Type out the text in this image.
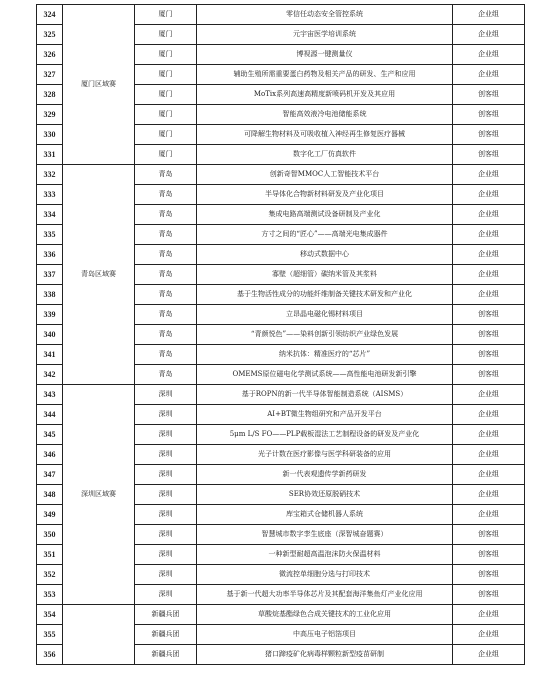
324	厦门区域赛	厦门	零信任动态安全管控系统	企业组
325		厦门	元宇宙医学培训系统	企业组
326		厦门	博视源一键测量仪	企业组
327		厦门	辅助生殖所需重要蛋白药物及相关产品的研发、生产和应用	企业组
328		厦门	MoTix系列高速高精度新喷码机开发及其应用	创客组
329		厦门	智能高效液冷电池储能系统	创客组
330		厦门	可降解生物材料及可吸收植入神经再生修复医疗器械	创客组
331		厦门	数字化工厂仿真软件	创客组
332	青岛区域赛	青岛	创新奇智MMOC人工智能技术平台	企业组
333		青岛	半导体化合物新材料研发及产业化项目	企业组
334		青岛	集成电路高端测试设备研制及产业化	企业组
335		青岛	方寸之间的“匠心”——高端光电集成器件	企业组
336		青岛	移动式数据中心	企业组
337		青岛	寡壁（超细管）碳纳米管及其浆料	企业组
338		青岛	基于生物活性成分的功能纤维制备关键技术研发和产业化	企业组
339		青岛	立昂晶电磁化锡材料项目	创客组
340		青岛	“青颜悦色”——染料创新引领纺织产业绿色发展	创客组
341		青岛	纳米抗体：精准医疗的“芯片”	创客组
342		青岛	OMEMS原位磁电化学测试系统——高性能电池研发新引擎	创客组
343	深圳区域赛	深圳	基于ROPN的新一代半导体智能制造系统（AISMS）	企业组
344		深圳	AI+BT微生物组研究和产品开发平台	企业组
345		深圳	5μm L/S FO——PLP载板湿法工艺制程设备的研发及产业化	企业组
346		深圳	光子计数在医疗影像与医学科研装备的应用	企业组
347		深圳	新一代表观遗传学新药研发	企业组
348		深圳	SER协效还原脱硝技术	企业组
349		深圳	库宝箱式仓储机器人系统	企业组
350		深圳	智慧城市数字孪生底座（深智城奋题赛）	创客组
351		深圳	一种新型耐超高温泡沫防火保温材料	创客组
352		深圳	微流控单细胞分选与打印技术	创客组
353		深圳	基于新一代超大功率半导体芯片及其配套海洋集鱼灯产业化应用	创客组
354		新疆兵团	草酸烷基酯绿色合成关键技术的工业化应用	企业组
355		新疆兵团	中高压电子铝箔项目	企业组
356		新疆兵团	猪口蹄疫矿化病毒样颗粒新型疫苗研制	企业组
